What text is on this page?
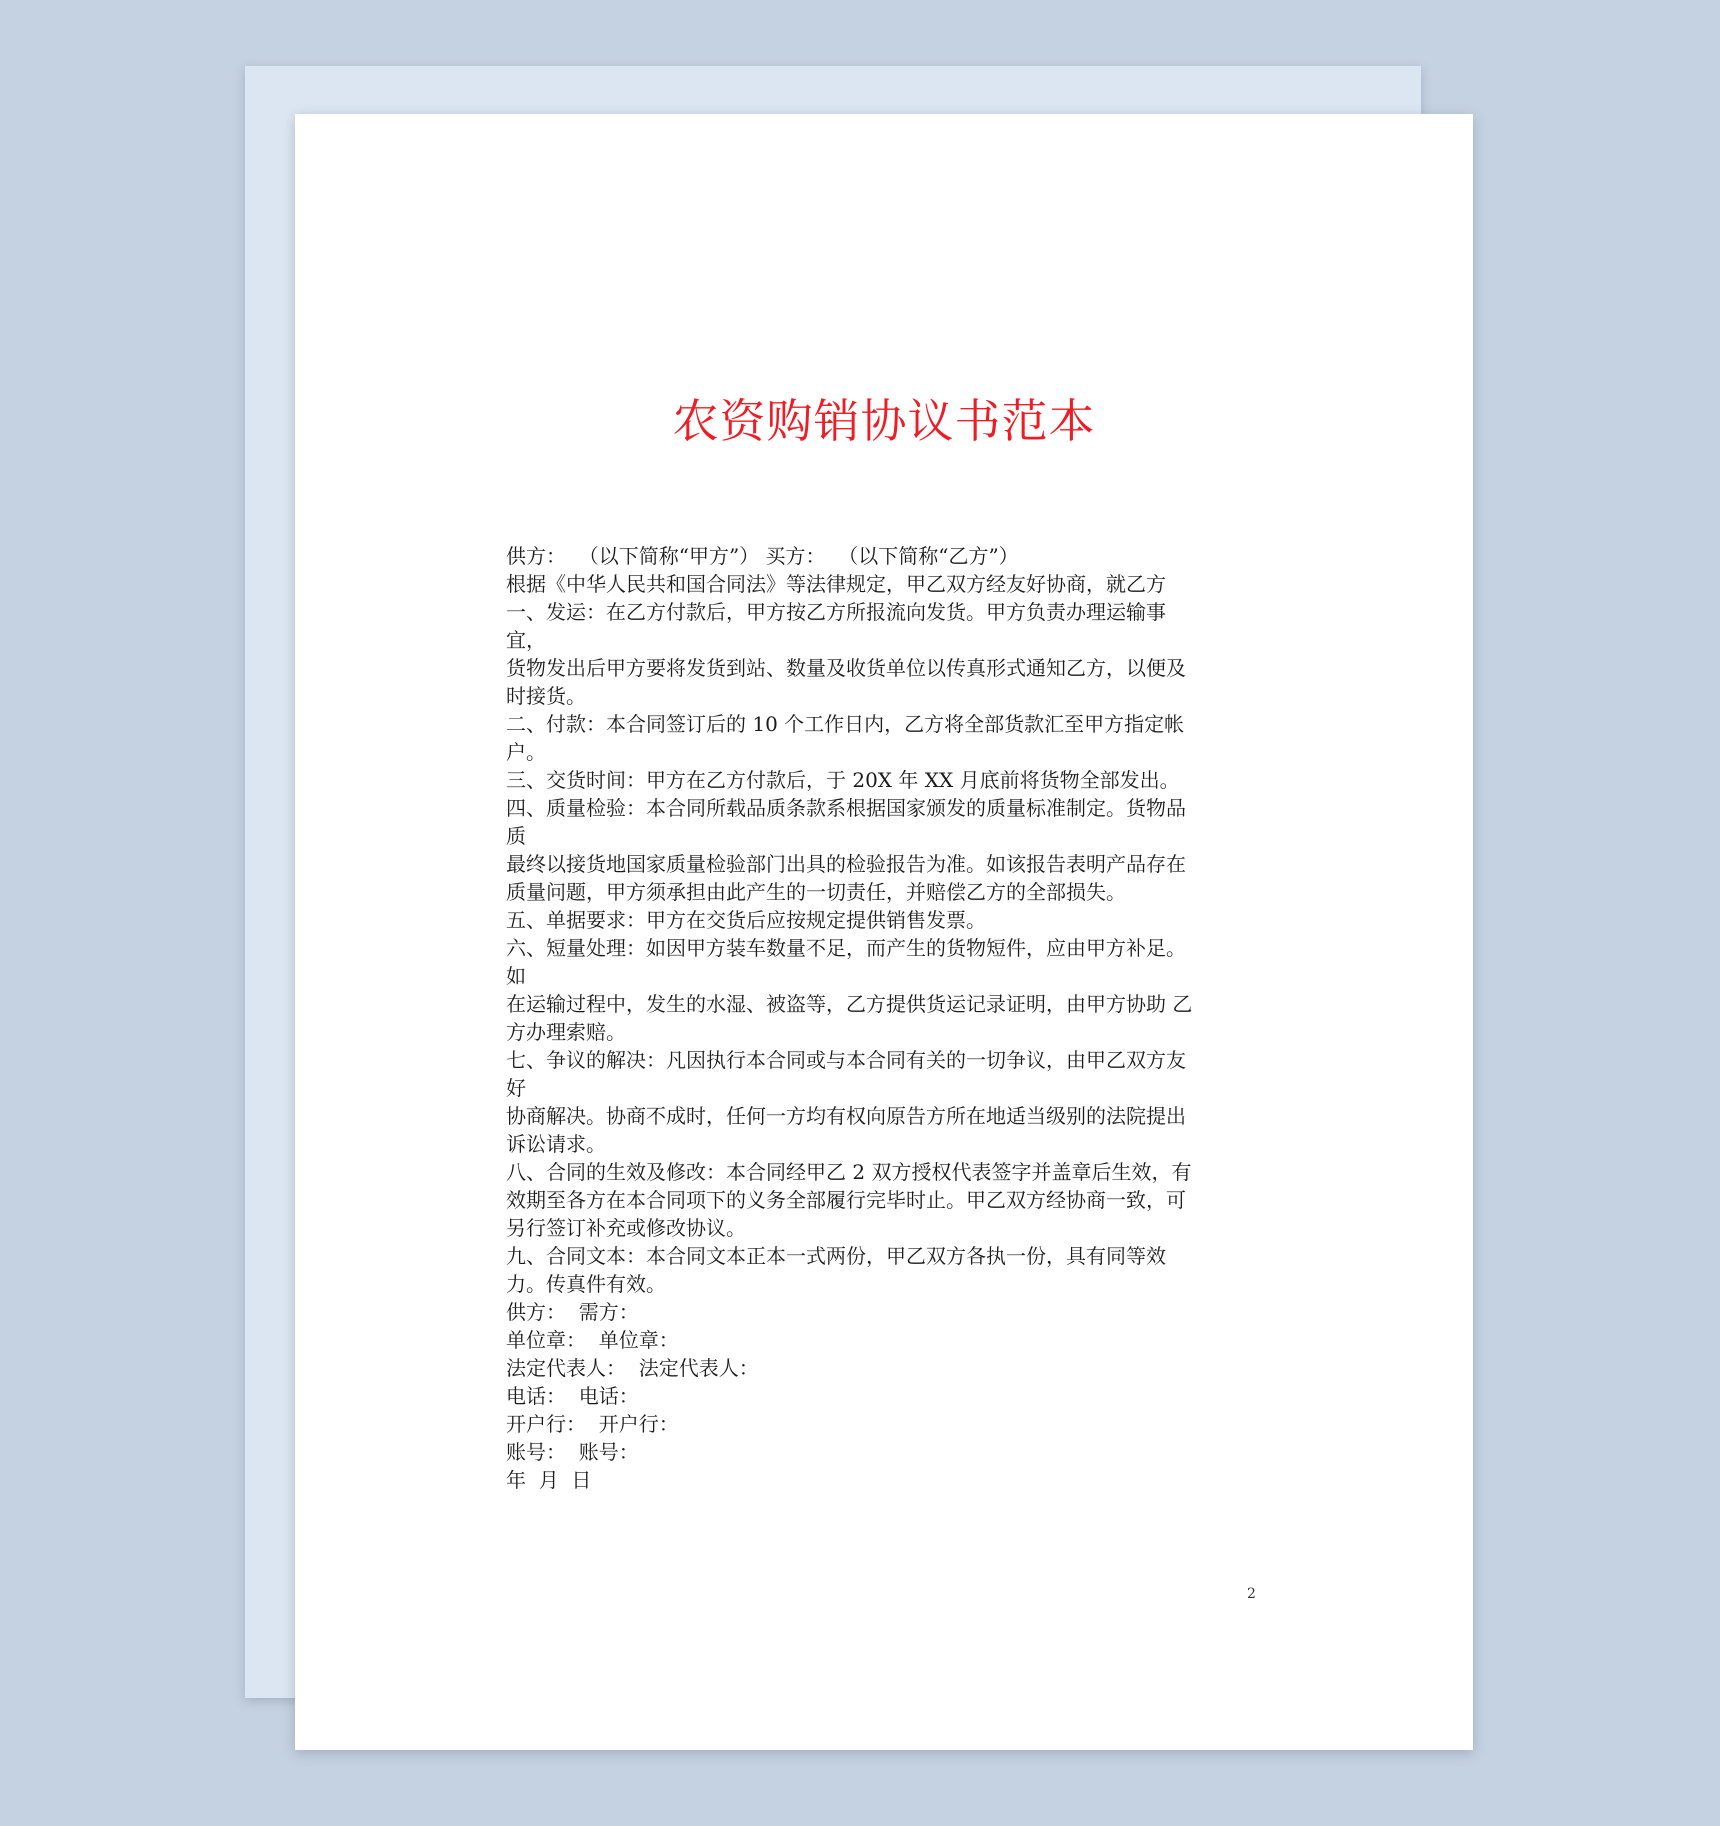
农资购销协议书范本
供方：  （以下简称“甲方”） 买方：  （以下简称“乙方”）
根据《中华人民共和国合同法》等法律规定，甲乙双方经友好协商，就乙方
一、发运：在乙方付款后，甲方按乙方所报流向发货。甲方负责办理运输事
宜，
货物发出后甲方要将发货到站、数量及收货单位以传真形式通知乙方，以便及
时接货。
二、付款：本合同签订后的 10 个工作日内，乙方将全部货款汇至甲方指定帐
户。
三、交货时间：甲方在乙方付款后，于 20X 年 XX 月底前将货物全部发出。
四、质量检验：本合同所载品质条款系根据国家颁发的质量标准制定。货物品
质
最终以接货地国家质量检验部门出具的检验报告为准。如该报告表明产品存在
质量问题，甲方须承担由此产生的一切责任，并赔偿乙方的全部损失。
五、单据要求：甲方在交货后应按规定提供销售发票。
六、短量处理：如因甲方装车数量不足，而产生的货物短件，应由甲方补足。
如
在运输过程中，发生的水湿、被盗等，乙方提供货运记录证明，由甲方协助 乙
方办理索赔。
七、争议的解决：凡因执行本合同或与本合同有关的一切争议，由甲乙双方友
好
协商解决。协商不成时，任何一方均有权向原告方所在地适当级别的法院提出
诉讼请求。
八、合同的生效及修改：本合同经甲乙 2 双方授权代表签字并盖章后生效，有
效期至各方在本合同项下的义务全部履行完毕时止。甲乙双方经协商一致，可
另行签订补充或修改协议。
九、合同文本：本合同文本正本一式两份，甲乙双方各执一份，具有同等效
力。传真件有效。
供方：  需方：
单位章：  单位章：
法定代表人：  法定代表人：
电话：  电话：
开户行：  开户行：
账号：  账号：
年  月  日
2
